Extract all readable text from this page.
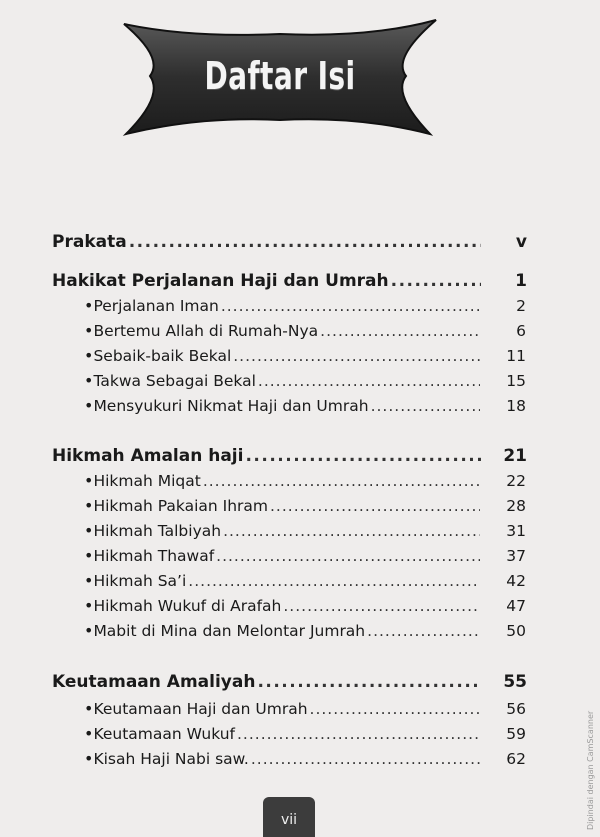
Daftar Isi
Prakata .....	v
Hakikat Perjalanan Haji dan Umrah .....	1
• Perjalanan Iman .....	2
• Bertemu Allah di Rumah-Nya .....	6
• Sebaik-baik Bekal .....	11
• Takwa Sebagai Bekal .....	15
• Mensyukuri Nikmat Haji dan Umrah .....	18
Hikmah Amalan haji .....	21
• Hikmah Miqat .....	22
• Hikmah Pakaian Ihram .....	28
• Hikmah Talbiyah .....	31
• Hikmah Thawaf .....	37
• Hikmah Sa’i .....	42
• Hikmah Wukuf di Arafah .....	47
• Mabit di Mina dan Melontar Jumrah .....	50
Keutamaan Amaliyah .....	55
• Keutamaan Haji dan Umrah .....	56
• Keutamaan Wukuf .....	59
• Kisah Haji Nabi saw. .....	62
vii	Dipindai dengan CamScanner
